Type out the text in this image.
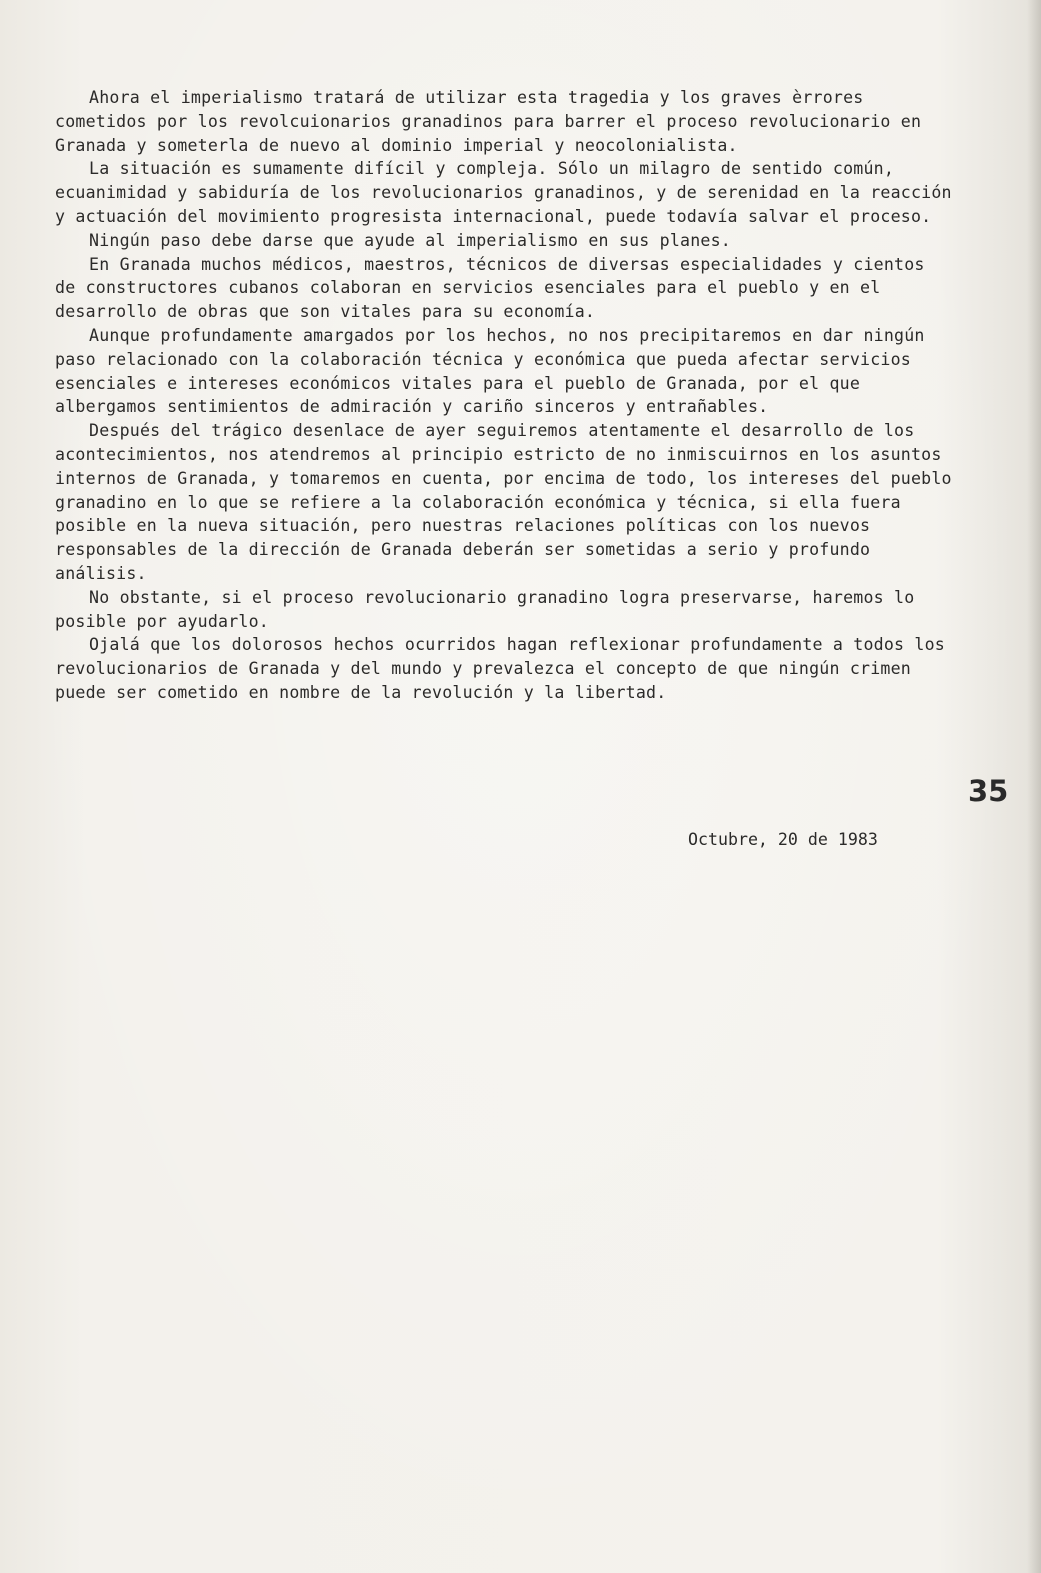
Ahora el imperialismo tratará de utilizar esta tragedia y los graves èrrores cometidos por los revolcuionarios granadinos para barrer el proceso revolucionario en Granada y someterla de nuevo al dominio imperial y neocolonialista.

La situación es sumamente difícil y compleja. Sólo un milagro de sentido común, ecuanimidad y sabiduría de los revolucionarios granadinos, y de serenidad en la reacción y actuación del movimiento progresista internacional, puede todavía salvar el proceso.

Ningún paso debe darse que ayude al imperialismo en sus planes.

En Granada muchos médicos, maestros, técnicos de diversas especialidades y cientos de constructores cubanos colaboran en servicios esenciales para el pueblo y en el desarrollo de obras que son vitales para su economía.

Aunque profundamente amargados por los hechos, no nos precipitaremos en dar ningún paso relacionado con la colaboración técnica y económica que pueda afectar servicios esenciales e intereses económicos vitales para el pueblo de Granada, por el que albergamos sentimientos de admiración y cariño sinceros y entrañables.

Después del trágico desenlace de ayer seguiremos atentamente el desarrollo de los acontecimientos, nos atendremos al principio estricto de no inmiscuirnos en los asuntos internos de Granada, y tomaremos en cuenta, por encima de todo, los intereses del pueblo granadino en lo que se refiere a la colaboración económica y técnica, si ella fuera posible en la nueva situación, pero nuestras relaciones políticas con los nuevos responsables de la dirección de Granada deberán ser sometidas a serio y profundo análisis.

No obstante, si el proceso revolucionario granadino logra preservarse, haremos lo posible por ayudarlo.

Ojalá que los dolorosos hechos ocurridos hagan reflexionar profundamente a todos los revolucionarios de Granada y del mundo y prevalezca el concepto de que ningún crimen puede ser cometido en nombre de la revolución y la libertad.

Octubre, 20 de 1983
35
